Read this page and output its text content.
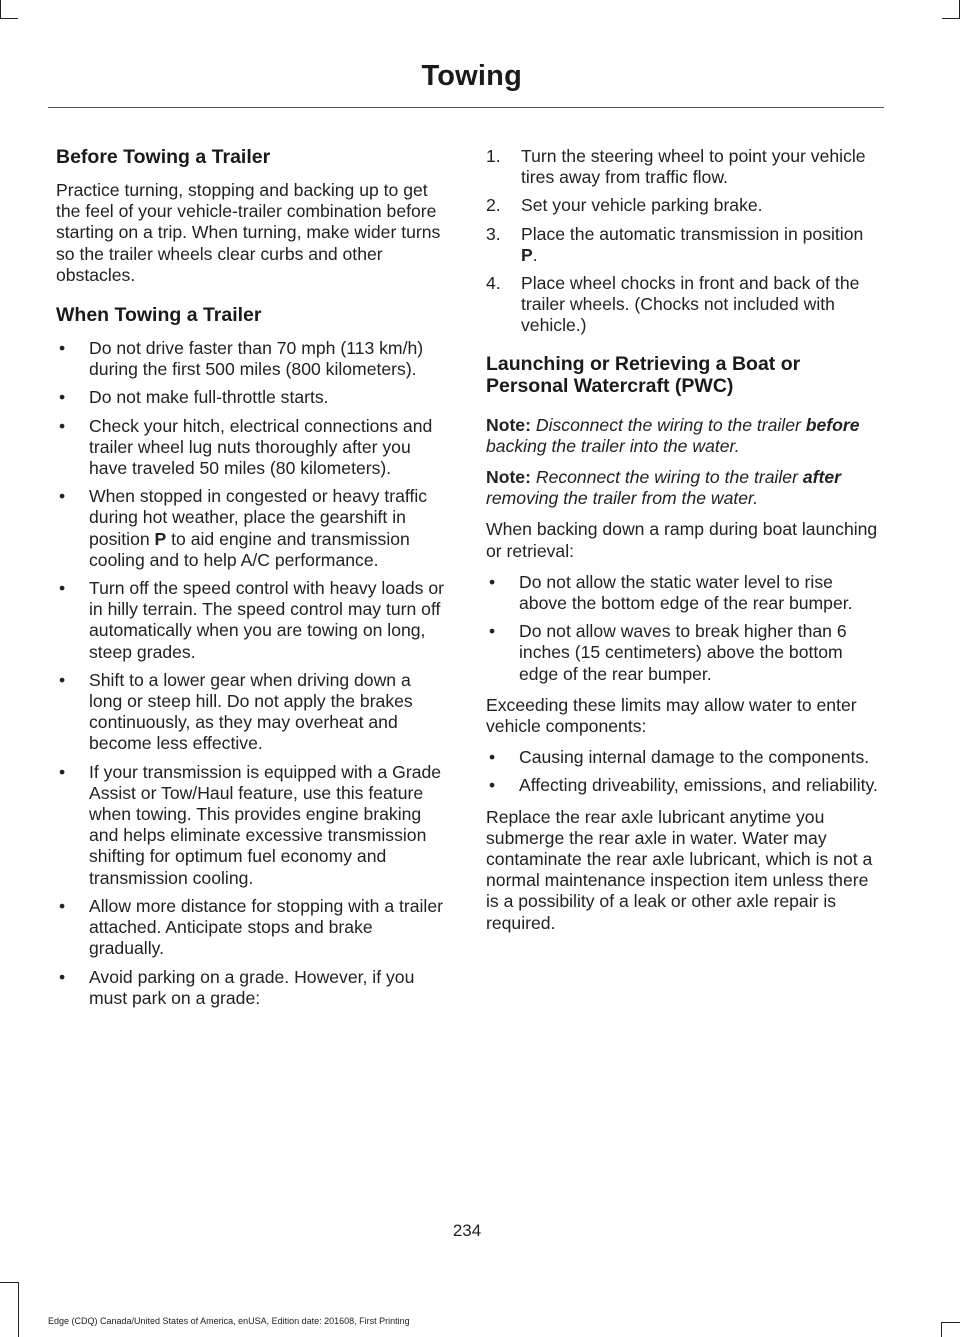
Towing
Before Towing a Trailer

Practice turning, stopping and backing up to get the feel of your vehicle-trailer combination before starting on a trip. When turning, make wider turns so the trailer wheels clear curbs and other obstacles.

When Towing a Trailer
• Do not drive faster than 70 mph (113 km/h) during the first 500 miles (800 kilometers).
• Do not make full-throttle starts.
• Check your hitch, electrical connections and trailer wheel lug nuts thoroughly after you have traveled 50 miles (80 kilometers).
• When stopped in congested or heavy traffic during hot weather, place the gearshift in position P to aid engine and transmission cooling and to help A/C performance.
• Turn off the speed control with heavy loads or in hilly terrain. The speed control may turn off automatically when you are towing on long, steep grades.
• Shift to a lower gear when driving down a long or steep hill. Do not apply the brakes continuously, as they may overheat and become less effective.
• If your transmission is equipped with a Grade Assist or Tow/Haul feature, use this feature when towing. This provides engine braking and helps eliminate excessive transmission shifting for optimum fuel economy and transmission cooling.
• Allow more distance for stopping with a trailer attached. Anticipate stops and brake gradually.
• Avoid parking on a grade. However, if you must park on a grade:
1. Turn the steering wheel to point your vehicle tires away from traffic flow.
2. Set your vehicle parking brake.
3. Place the automatic transmission in position P.
4. Place wheel chocks in front and back of the trailer wheels. (Chocks not included with vehicle.)
Launching or Retrieving a Boat or Personal Watercraft (PWC)

Note: Disconnect the wiring to the trailer before backing the trailer into the water.

Note: Reconnect the wiring to the trailer after removing the trailer from the water.

When backing down a ramp during boat launching or retrieval:

• Do not allow the static water level to rise above the bottom edge of the rear bumper.
• Do not allow waves to break higher than 6 inches (15 centimeters) above the bottom edge of the rear bumper.

Exceeding these limits may allow water to enter vehicle components:

• Causing internal damage to the components.
• Affecting driveability, emissions, and reliability.

Replace the rear axle lubricant anytime you submerge the rear axle in water. Water may contaminate the rear axle lubricant, which is not a normal maintenance inspection item unless there is a possibility of a leak or other axle repair is required.

234
Edge (CDQ) Canada/United States of America, enUSA, Edition date: 201608, First Printing
